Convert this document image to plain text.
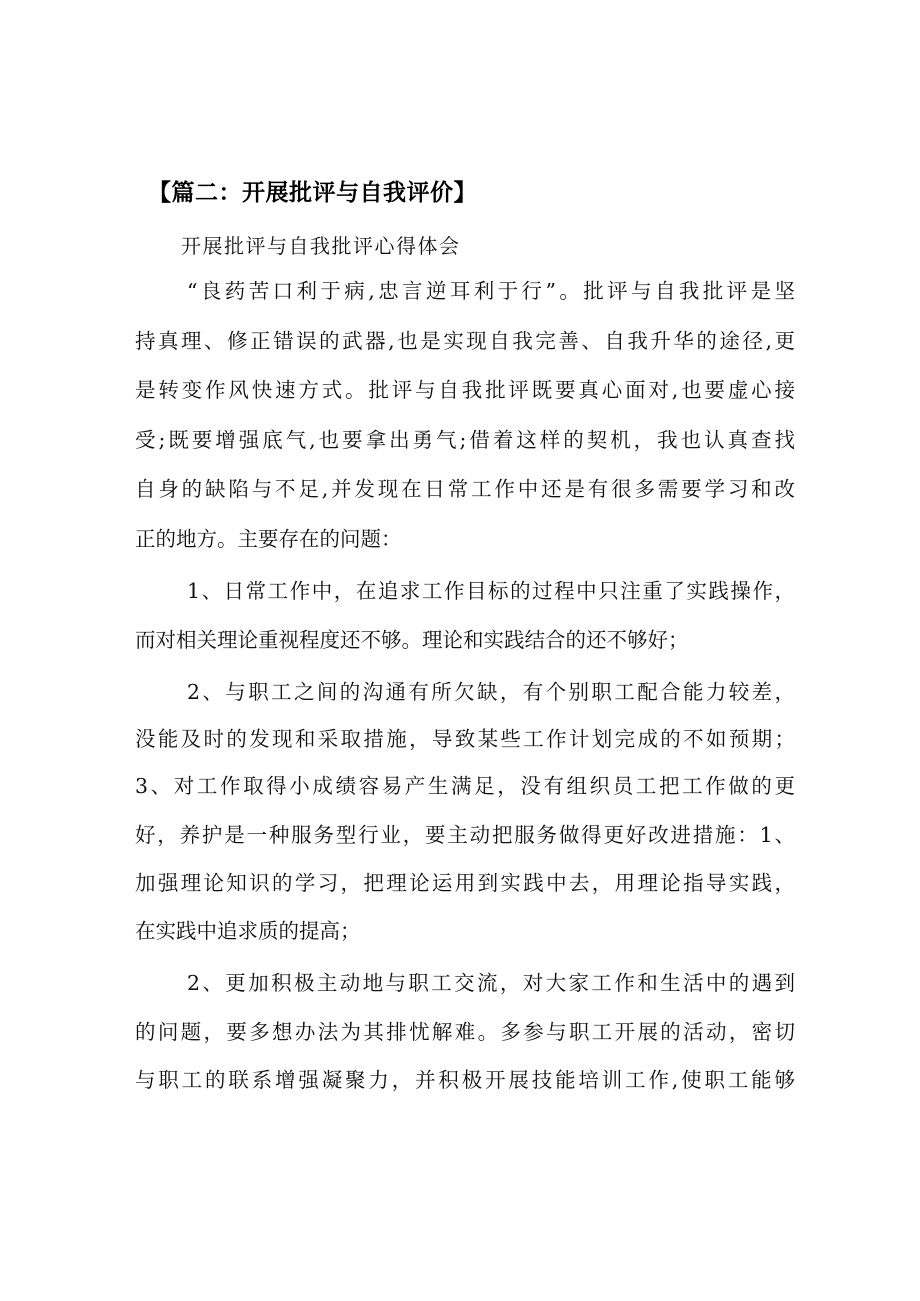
【篇二：开展批评与自我评价】
开展批评与自我批评心得体会
“良药苦口利于病,忠言逆耳利于行”。批评与自我批评是坚
持真理、修正错误的武器,也是实现自我完善、自我升华的途径,更
是转变作风快速方式。批评与自我批评既要真心面对,也要虚心接
受;既要增强底气,也要拿出勇气;借着这样的契机，我也认真查找
自身的缺陷与不足,并发现在日常工作中还是有很多需要学习和改
正的地方。主要存在的问题：
1、日常工作中，在追求工作目标的过程中只注重了实践操作，
而对相关理论重视程度还不够。理论和实践结合的还不够好；
2、与职工之间的沟通有所欠缺，有个别职工配合能力较差，
没能及时的发现和采取措施，导致某些工作计划完成的不如预期；
3、对工作取得小成绩容易产生满足，没有组织员工把工作做的更
好，养护是一种服务型行业，要主动把服务做得更好改进措施：1、
加强理论知识的学习，把理论运用到实践中去，用理论指导实践，
在实践中追求质的提高；
2、更加积极主动地与职工交流，对大家工作和生活中的遇到
的问题，要多想办法为其排忧解难。多参与职工开展的活动，密切
与职工的联系增强凝聚力，并积极开展技能培训工作,使职工能够
